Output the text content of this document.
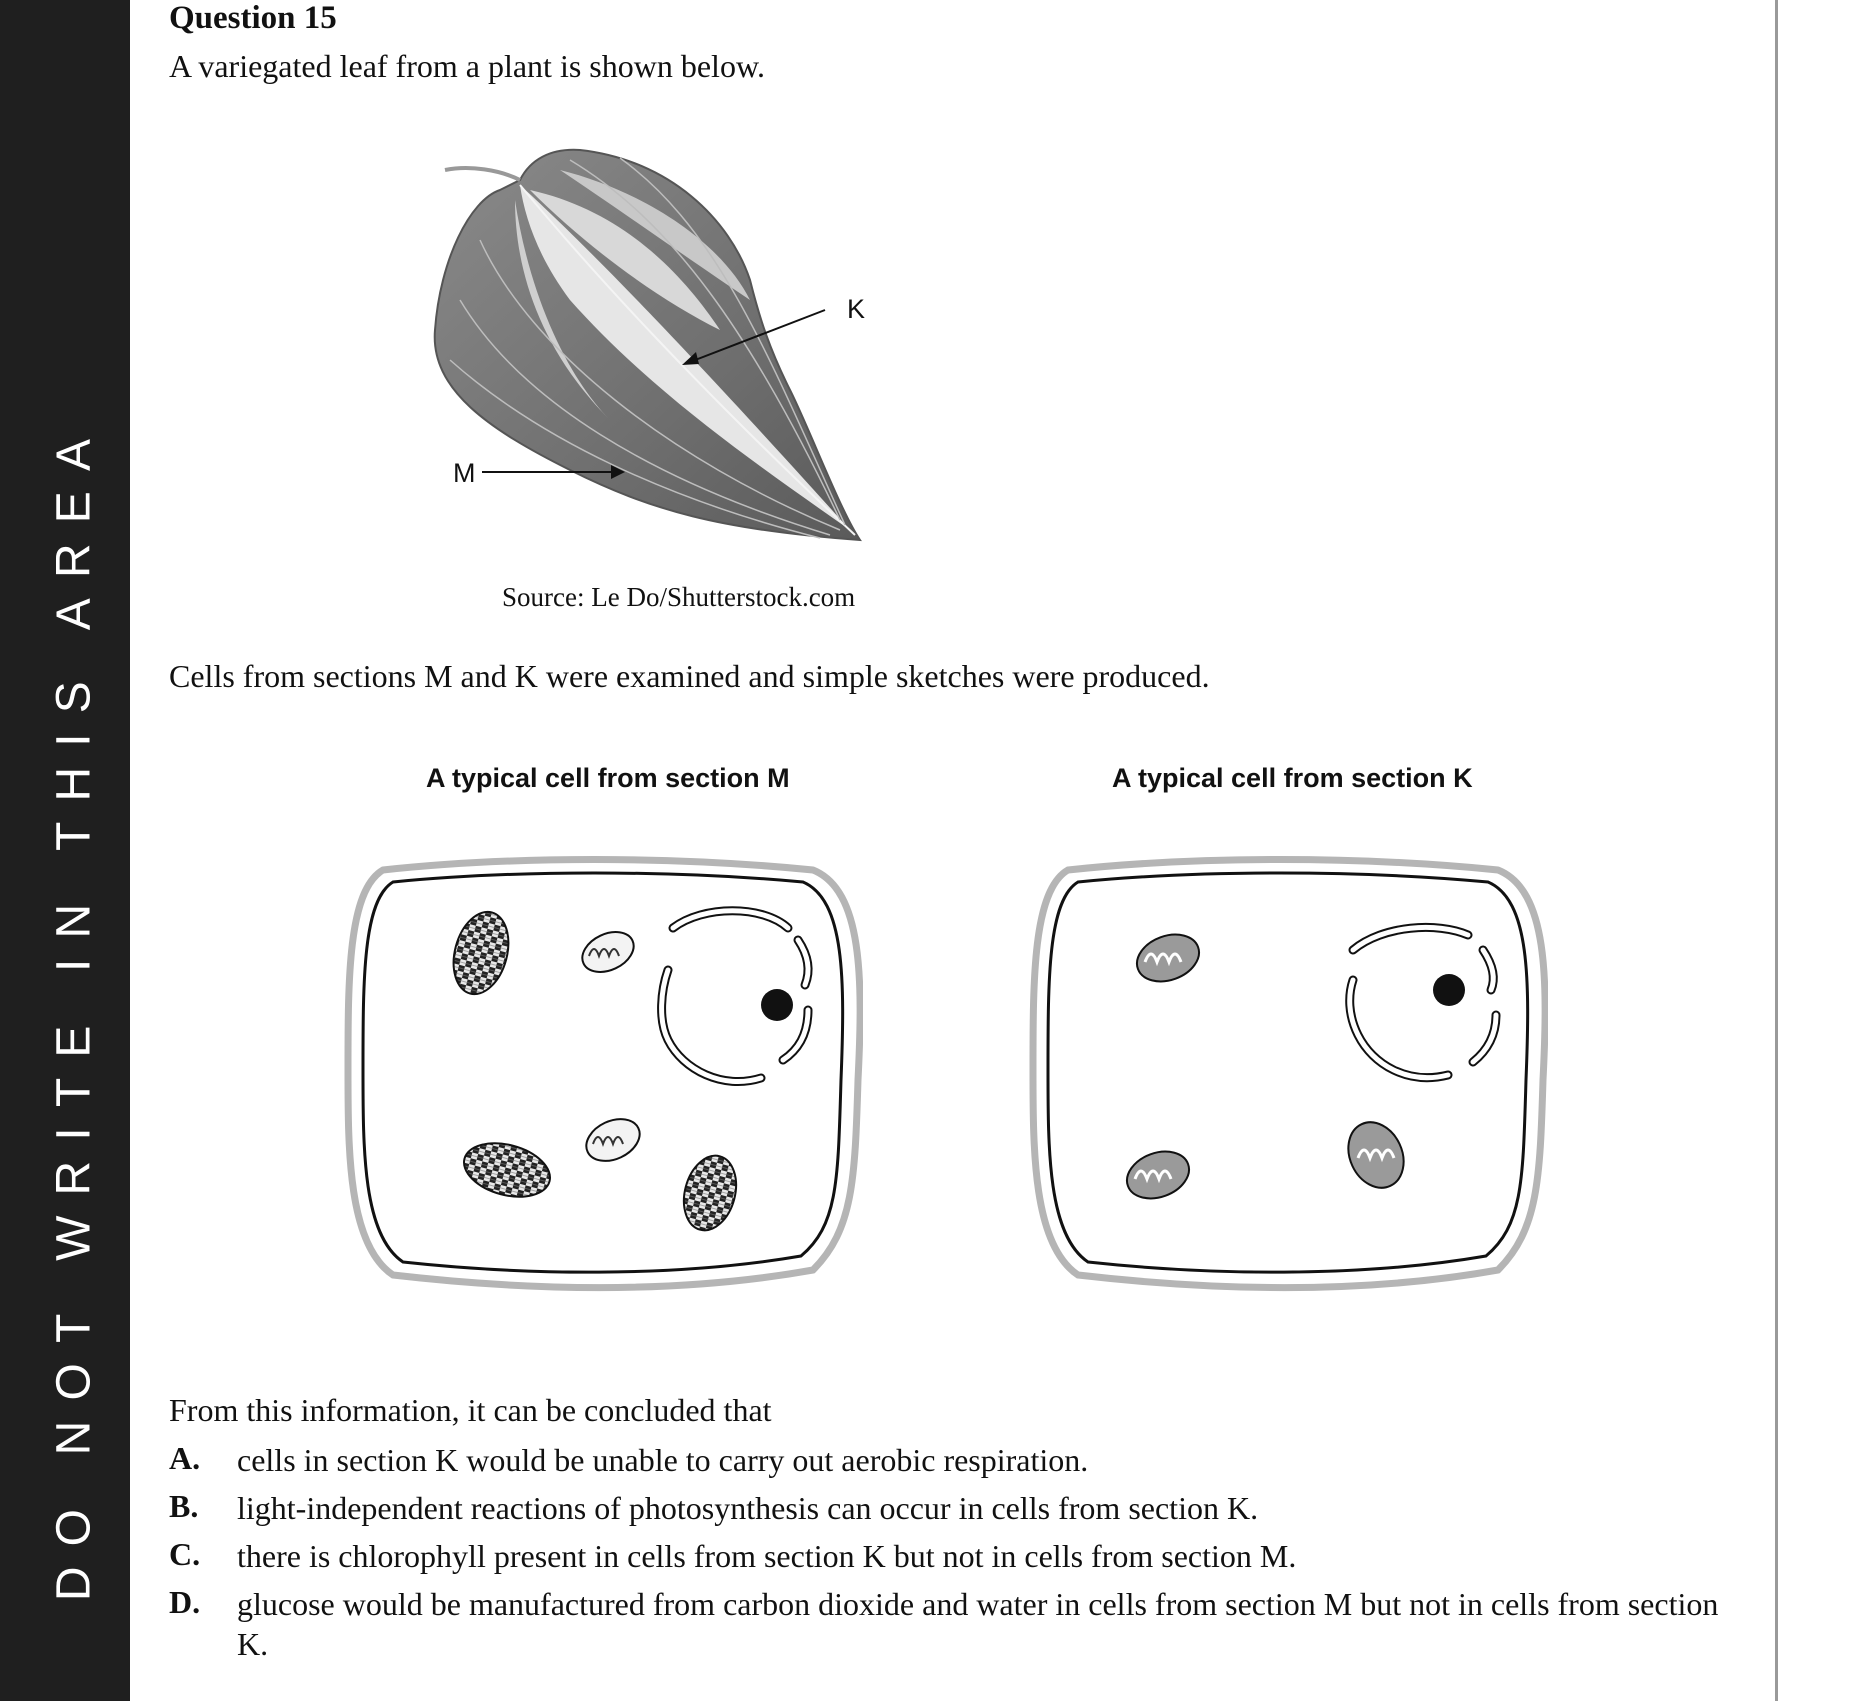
DO NOT WRITE IN THIS AREA
Question 15
A variegated leaf from a plant is shown below.
K
M
Source: Le Do/Shutterstock.com
Cells from sections M and K were examined and simple sketches were produced.
A typical cell from section M	A typical cell from section K
From this information, it can be concluded that
A. cells in section K would be unable to carry out aerobic respiration.
B. light-independent reactions of photosynthesis can occur in cells from section K.
C. there is chlorophyll present in cells from section K but not in cells from section M.
D. glucose would be manufactured from carbon dioxide and water in cells from section M but not in cells from section K.
